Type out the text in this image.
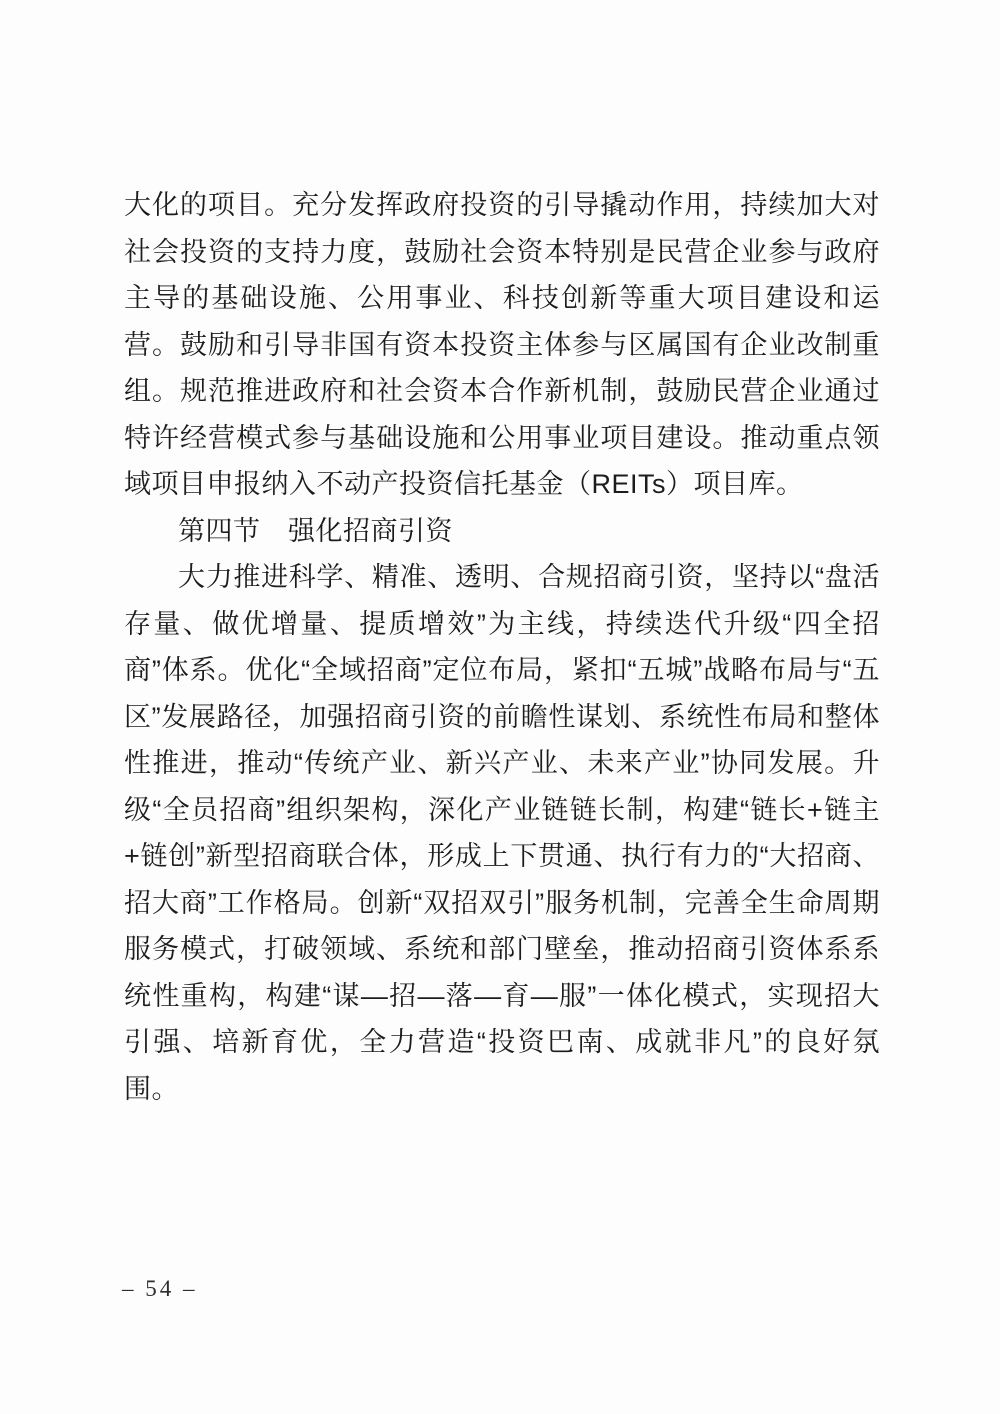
大化的项目。充分发挥政府投资的引导撬动作用，持续加大对社会投资的支持力度，鼓励社会资本特别是民营企业参与政府主导的基础设施、公用事业、科技创新等重大项目建设和运营。鼓励和引导非国有资本投资主体参与区属国有企业改制重组。规范推进政府和社会资本合作新机制，鼓励民营企业通过特许经营模式参与基础设施和公用事业项目建设。推动重点领域项目申报纳入不动产投资信托基金（REITs）项目库。

第四节　强化招商引资

大力推进科学、精准、透明、合规招商引资，坚持以“盘活存量、做优增量、提质增效”为主线，持续迭代升级“四全招商”体系。优化“全域招商”定位布局，紧扣“五城”战略布局与“五区”发展路径，加强招商引资的前瞻性谋划、系统性布局和整体性推进，推动“传统产业、新兴产业、未来产业”协同发展。升级“全员招商”组织架构，深化产业链链长制，构建“链长+链主+链创”新型招商联合体，形成上下贯通、执行有力的“大招商、招大商”工作格局。创新“双招双引”服务机制，完善全生命周期服务模式，打破领域、系统和部门壁垒，推动招商引资体系系统性重构，构建“谋—招—落—育—服”一体化模式，实现招大引强、培新育优，全力营造“投资巴南、成就非凡”的良好氛围。

– 54 –
